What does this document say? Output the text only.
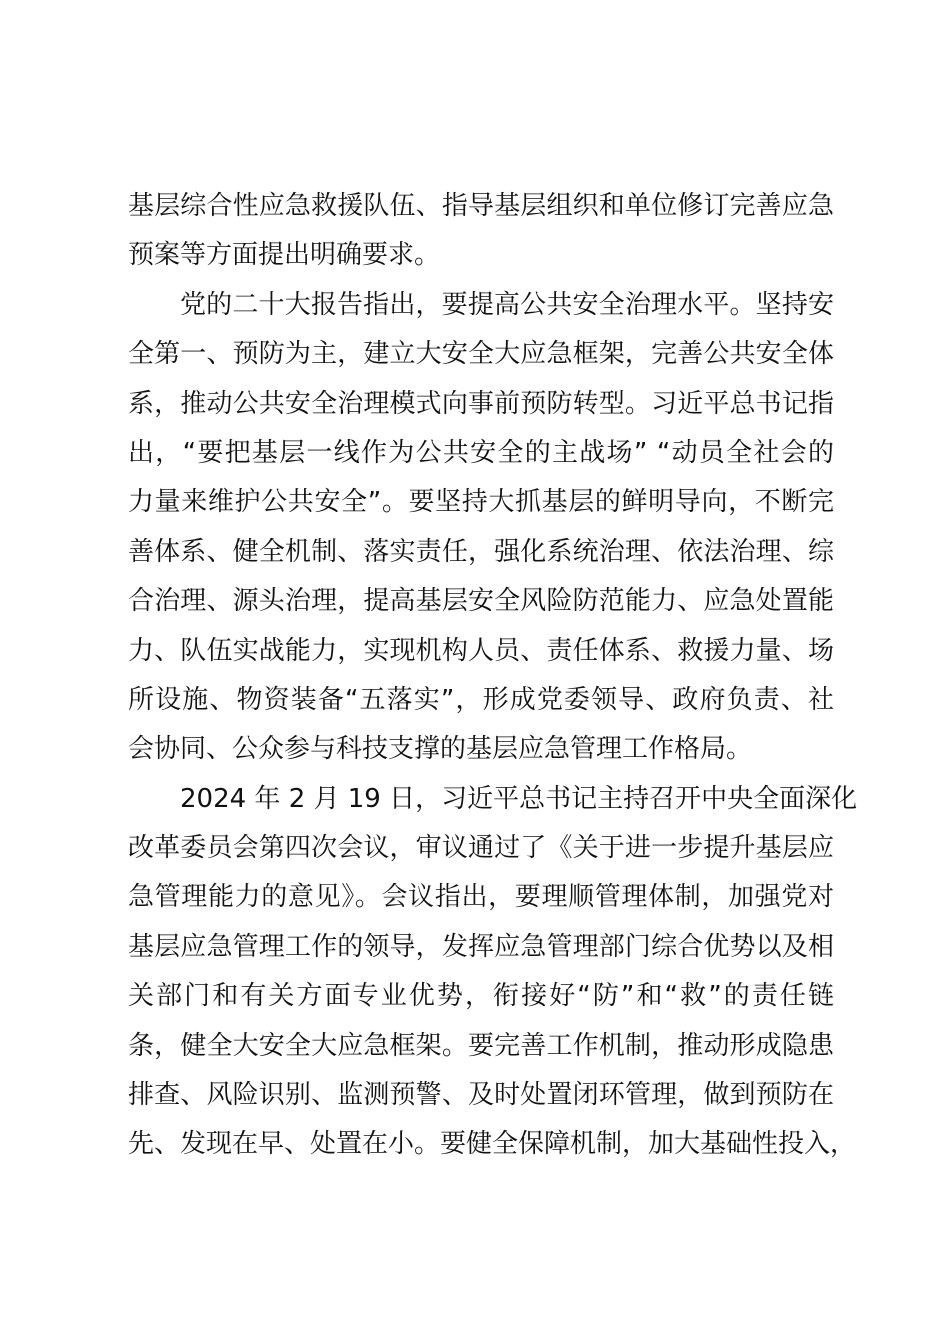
基层综合性应急救援队伍、指导基层组织和单位修订完善应急
预案等方面提出明确要求。
党的二十大报告指出，要提高公共安全治理水平。坚持安
全第一、预防为主，建立大安全大应急框架，完善公共安全体
系，推动公共安全治理模式向事前预防转型。习近平总书记指
出，“要把基层一线作为公共安全的主战场” “动员全社会的
力量来维护公共安全”。要坚持大抓基层的鲜明导向，不断完
善体系、健全机制、落实责任，强化系统治理、依法治理、综
合治理、源头治理，提高基层安全风险防范能力、应急处置能
力、队伍实战能力，实现机构人员、责任体系、救援力量、场
所设施、物资装备“五落实”，形成党委领导、政府负责、社
会协同、公众参与科技支撑的基层应急管理工作格局。
2024 年 2 月 19 日，习近平总书记主持召开中央全面深化
改革委员会第四次会议，审议通过了《关于进一步提升基层应
急管理能力的意见》。会议指出，要理顺管理体制，加强党对
基层应急管理工作的领导，发挥应急管理部门综合优势以及相
关部门和有关方面专业优势，衔接好“防”和“救”的责任链
条，健全大安全大应急框架。要完善工作机制，推动形成隐患
排查、风险识别、监测预警、及时处置闭环管理，做到预防在
先、发现在早、处置在小。要健全保障机制，加大基础性投入，
